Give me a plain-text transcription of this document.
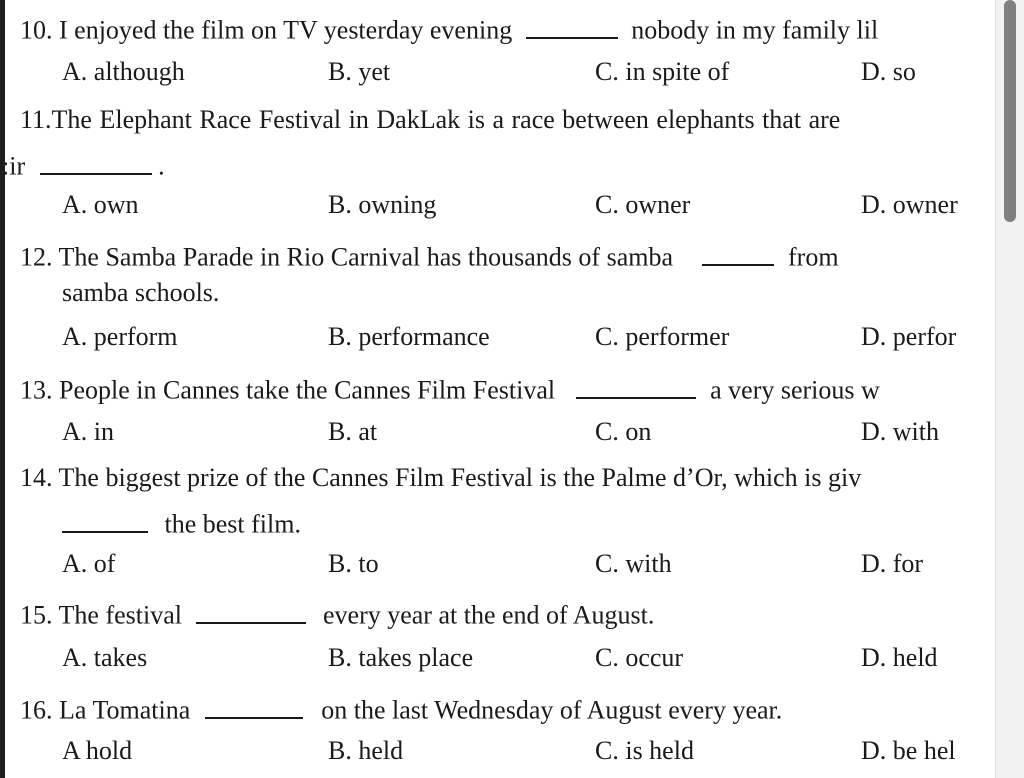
10. I enjoyed the film on TV yesterday evening	nobody in my family lil
A. although	B. yet	C. in spite of	D. so
11.The Elephant Race Festival in DakLak is a race between elephants that are
:ir	.
A. own	B. owning	C. owner	D. owner
12. The Samba Parade in Rio Carnival has thousands of samba	from
samba schools.
A. perform	B. performance	C. performer	D. perfor
13. People in Cannes take the Cannes Film Festival	a very serious w
A. in	B. at	C. on	D. with
14. The biggest prize of the Cannes Film Festival is the Palme d’Or, which is giv
the best film.
A. of	B. to	C. with	D. for
15. The festival	every year at the end of August.
A. takes	B. takes place	C. occur	D. held
16. La Tomatina	on the last Wednesday of August every year.
A hold	B. held	C. is held	D. be hel
